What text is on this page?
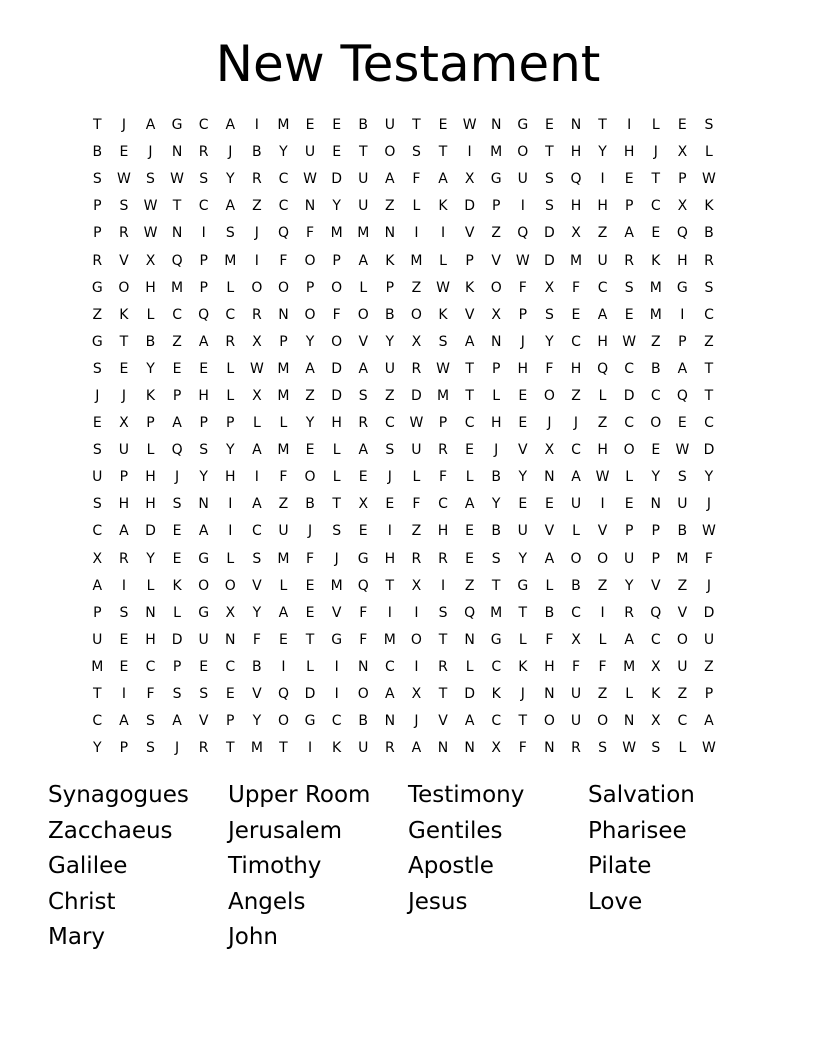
New Testament
T	J	A	G	C	A	I	M	E	E	B	U	T	E	W	N	G	E	N	T	I	L	E	S
B	E	J	N	R	J	B	Y	U	E	T	O	S	T	I	M	O	T	H	Y	H	J	X	L
S	W	S	W	S	Y	R	C	W	D	U	A	F	A	X	G	U	S	Q	I	E	T	P	W
P	S	W	T	C	A	Z	C	N	Y	U	Z	L	K	D	P	I	S	H	H	P	C	X	K
P	R	W	N	I	S	J	Q	F	M	M	N	I	I	V	Z	Q	D	X	Z	A	E	Q	B
R	V	X	Q	P	M	I	F	O	P	A	K	M	L	P	V	W	D	M	U	R	K	H	R
G	O	H	M	P	L	O	O	P	O	L	P	Z	W	K	O	F	X	F	C	S	M	G	S
Z	K	L	C	Q	C	R	N	O	F	O	B	O	K	V	X	P	S	E	A	E	M	I	C
G	T	B	Z	A	R	X	P	Y	O	V	Y	X	S	A	N	J	Y	C	H	W	Z	P	Z
S	E	Y	E	E	L	W M	A	D	A	U	R	W	T	P	H	F	H	Q	C	B	A	T
J	J	K	P	H	L	X	M	Z	D	S	Z	D	M	T	L	E	O	Z	L	D	C	Q	T
E	X	P	A	P	P	L	L	Y	H	R	C	W	P	C	H	E	J	J	Z	C	O	E	C
S	U	L	Q	S	Y	A	M	E	L	A	S	U	R	E	J	V	X	C	H	O	E	W	D
U	P	H	J	Y	H	I	F	O	L	E	J	L	F	L	B	Y	N	A	W	L	Y	S	Y
S	H	H	S	N	I	A	Z	B	T	X	E	F	C	A	Y	E	E	U	I	E	N	U	J
C	A	D	E	A	I	C	U	J	S	E	I	Z	H	E	B	U	V	L	V	P	P	B	W
X	R	Y	E	G	L	S	M	F	J	G	H	R	R	E	S	Y	A	O	O	U	P	M	F
A	I	L	K	O	O	V	L	E	M	Q	T	X	I	Z	T	G	L	B	Z	Y	V	Z	J
P	S	N	L	G	X	Y	A	E	V	F	I	I	S	Q	M	T	B	C	I	R	Q	V	D
U	E	H	D	U	N	F	E	T	G	F	M	O	T	N	G	L	F	X	L	A	C	O	U
M	E	C	P	E	C	B	I	L	I	N	C	I	R	L	C	K	H	F	F	M	X	U	Z
T	I	F	S	S	E	V	Q	D	I	O	A	X	T	D	K	J	N	U	Z	L	K	Z	P
C	A	S	A	V	P	Y	O	G	C	B	N	J	V	A	C	T	O	U	O	N	X	C	A
Y	P	S	J	R	T	M	T	I	K	U	R	A	N	N	X	F	N	R	S	W	S	L	W
Synagogues	Upper Room	Testimony	Salvation
Zacchaeus	Jerusalem	Gentiles	Pharisee
Galilee	Timothy	Apostle	Pilate
Christ	Angels	Jesus	Love
Mary	John
